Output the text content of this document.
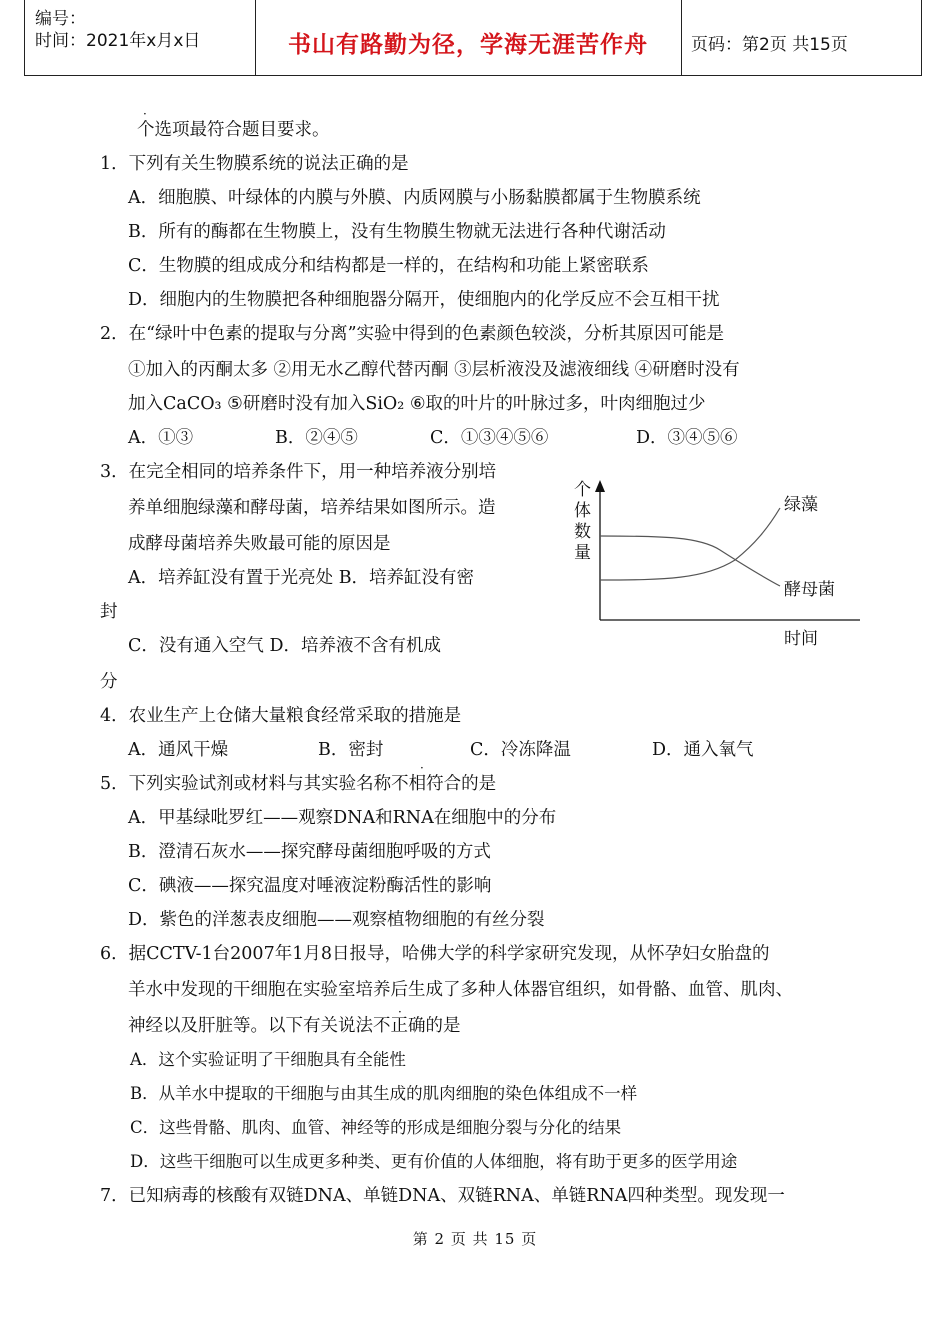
编号：
时间：2021年x月x日	书山有路勤为径，学海无涯苦作舟	页码：第2页 共15页
·
个选项最符合题目要求。
1．下列有关生物膜系统的说法正确的是
A．细胞膜、叶绿体的内膜与外膜、内质网膜与小肠黏膜都属于生物膜系统
B．所有的酶都在生物膜上，没有生物膜生物就无法进行各种代谢活动
C．生物膜的组成成分和结构都是一样的，在结构和功能上紧密联系
D．细胞内的生物膜把各种细胞器分隔开，使细胞内的化学反应不会互相干扰
2．在“绿叶中色素的提取与分离”实验中得到的色素颜色较淡，分析其原因可能是
①加入的丙酮太多 ②用无水乙醇代替丙酮 ③层析液没及滤液细线 ④研磨时没有
加入CaCO₃ ⑤研磨时没有加入SiO₂ ⑥取的叶片的叶脉过多，叶肉细胞过少
A．①③	B．②④⑤	C．①③④⑤⑥	D．③④⑤⑥
3．在完全相同的培养条件下，用一种培养液分别培
养单细胞绿藻和酵母菌，培养结果如图所示。造
成酵母菌培养失败最可能的原因是
A．培养缸没有置于光亮处 B．培养缸没有密
封
C．没有通入空气 D．培养液不含有机成
分
4．农业生产上仓储大量粮食经常采取的措施是
A．通风干燥	B．密封	C．冷冻降温	D．通入氧气
·
5．下列实验试剂或材料与其实验名称不相符合的是
A．甲基绿吡罗红——观察DNA和RNA在细胞中的分布
B．澄清石灰水——探究酵母菌细胞呼吸的方式
C．碘液——探究温度对唾液淀粉酶活性的影响
D．紫色的洋葱表皮细胞——观察植物细胞的有丝分裂
6．据CCTV-1台2007年1月8日报导，哈佛大学的科学家研究发现，从怀孕妇女胎盘的
羊水中发现的干细胞在实验室培养后生成了多种人体器官组织，如骨骼、血管、肌肉、
·
神经以及肝脏等。以下有关说法不正确的是
A．这个实验证明了干细胞具有全能性
B．从羊水中提取的干细胞与由其生成的肌肉细胞的染色体组成不一样
C．这些骨骼、肌肉、血管、神经等的形成是细胞分裂与分化的结果
D．这些干细胞可以生成更多种类、更有价值的人体细胞，将有助于更多的医学用途
7．已知病毒的核酸有双链DNA、单链DNA、双链RNA、单链RNA四种类型。现发现一
个
体
数
量
绿藻
酵母菌
时间
第 2 页 共 15 页
